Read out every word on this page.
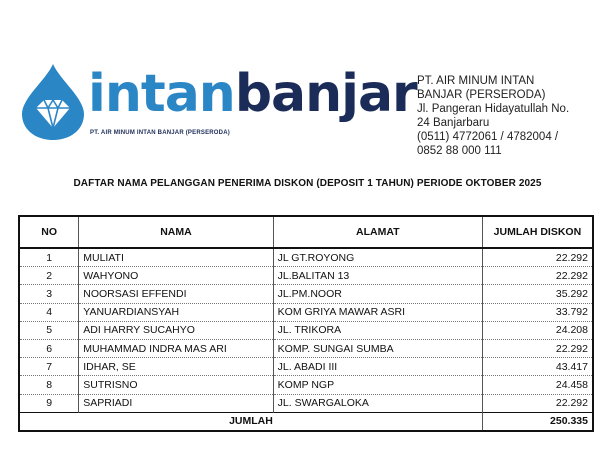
intanbanjar
PT. AIR MINUM INTAN BANJAR (PERSERODA)
PT. AIR MINUM INTAN
BANJAR (PERSERODA)
Jl. Pangeran Hidayatullah No.
24 Banjarbaru
(0511) 4772061 / 4782004 /
0852 88 000 111
DAFTAR NAMA PELANGGAN PENERIMA DISKON (DEPOSIT 1 TAHUN) PERIODE OKTOBER 2025
NO	NAMA	ALAMAT	JUMLAH DISKON
1	MULIATI	JL GT.ROYONG	22.292
2	WAHYONO	JL.BALITAN 13	22.292
3	NOORSASI EFFENDI	JL.PM.NOOR	35.292
4	YANUARDIANSYAH	KOM GRIYA MAWAR ASRI	33.792
5	ADI HARRY SUCAHYO	JL. TRIKORA	24.208
6	MUHAMMAD INDRA MAS ARI	KOMP. SUNGAI SUMBA	22.292
7	IDHAR, SE	JL. ABADI III	43.417
8	SUTRISNO	KOMP NGP	24.458
9	SAPRIADI	JL. SWARGALOKA	22.292
JUMLAH			250.335
